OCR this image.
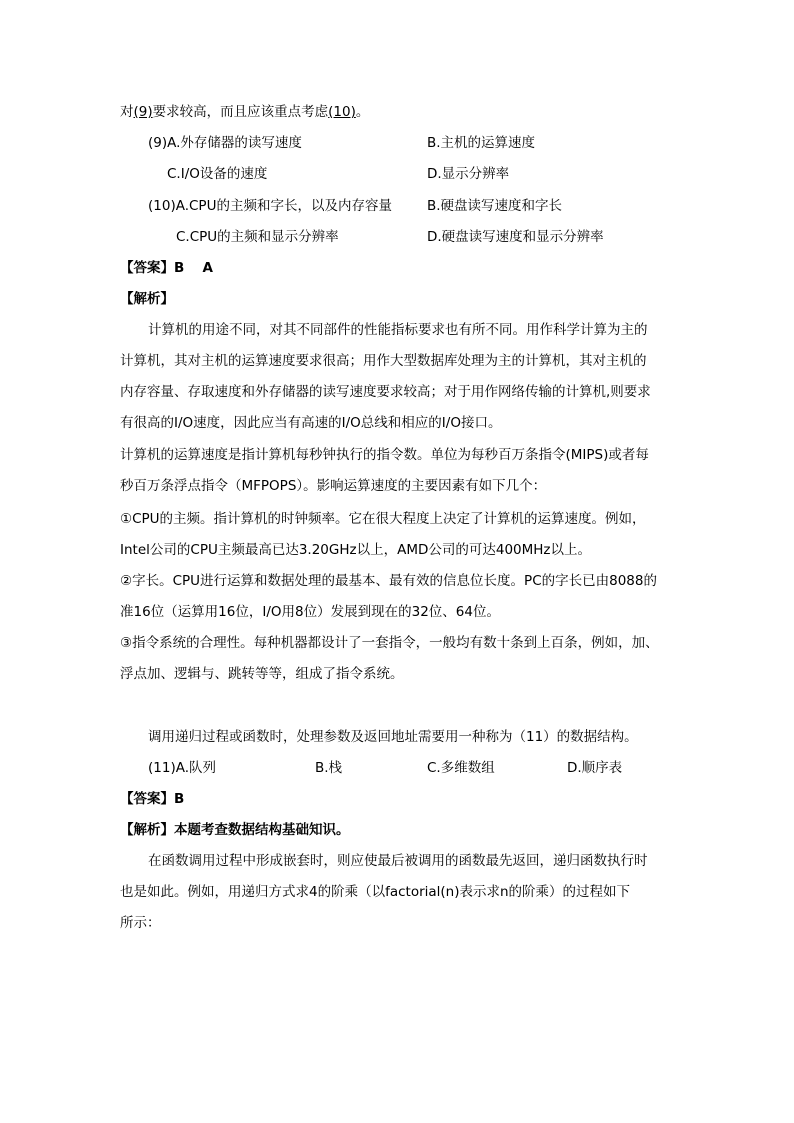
对(9)要求较高，而且应该重点考虑(10)。
(9)A.外存储器的读写速度	B.主机的运算速度
C.I/O设备的速度	D.显示分辨率
(10)A.CPU的主频和字长，以及内存容量	B.硬盘读写速度和字长
C.CPU的主频和显示分辨率	D.硬盘读写速度和显示分辨率
【答案】B　 A
【解析】
计算机的用途不同，对其不同部件的性能指标要求也有所不同。用作科学计算为主的
计算机，其对主机的运算速度要求很高；用作大型数据库处理为主的计算机，其对主机的
内存容量、存取速度和外存储器的读写速度要求较高；对于用作网络传输的计算机,则要求
有很高的I/O速度，因此应当有高速的I/O总线和相应的I/O接口。
计算机的运算速度是指计算机每秒钟执行的指令数。单位为每秒百万条指令(MIPS)或者每
秒百万条浮点指令（MFPOPS）。影响运算速度的主要因素有如下几个：
①CPU的主频。指计算机的时钟频率。它在很大程度上决定了计算机的运算速度。例如，
Intel公司的CPU主频最高已达3.20GHz以上，AMD公司的可达400MHz以上。
②字长。CPU进行运算和数据处理的最基本、最有效的信息位长度。PC的字长已由8088的
准16位（运算用16位，I/O用8位）发展到现在的32位、64位。
③指令系统的合理性。每种机器都设计了一套指令，一般均有数十条到上百条，例如，加、
浮点加、逻辑与、跳转等等，组成了指令系统。
调用递归过程或函数时，处理参数及返回地址需要用一种称为（11）的数据结构。
(11)A.队列	B.栈	C.多维数组	D.顺序表
【答案】B
【解析】本题考查数据结构基础知识。
在函数调用过程中形成嵌套时，则应使最后被调用的函数最先返回，递归函数执行时
也是如此。例如，用递归方式求4的阶乘（以factorial(n)表示求n的阶乘）的过程如下
所示：
